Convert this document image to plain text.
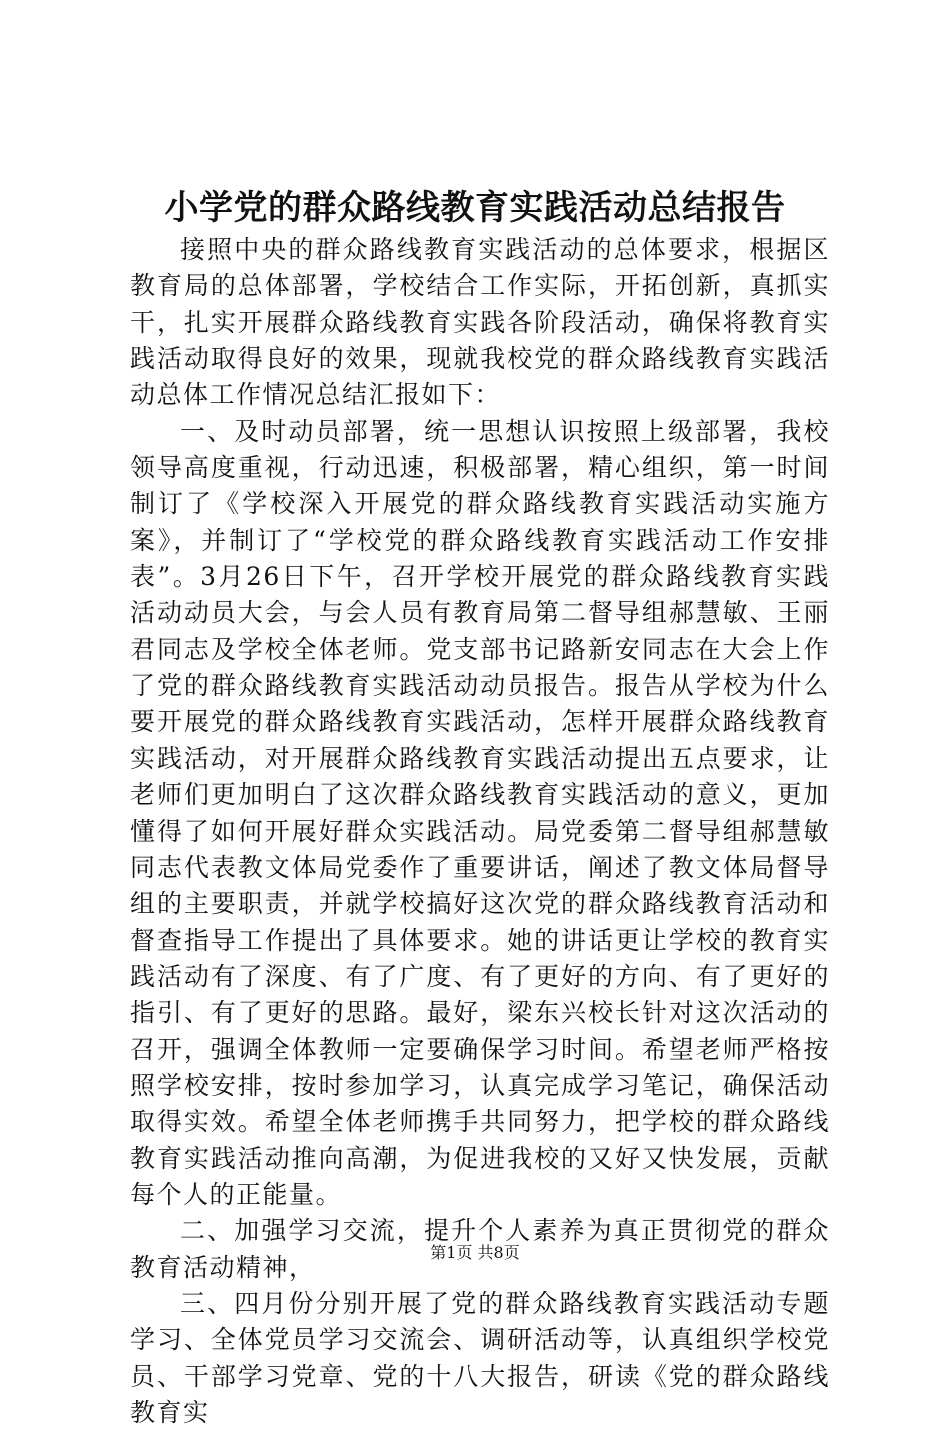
小学党的群众路线教育实践活动总结报告

接照中央的群众路线教育实践活动的总体要求，根据区教育局的总体部署，学校结合工作实际，开拓创新，真抓实干，扎实开展群众路线教育实践各阶段活动，确保将教育实践活动取得良好的效果，现就我校党的群众路线教育实践活动总体工作情况总结汇报如下：

一、及时动员部署，统一思想认识按照上级部署，我校领导高度重视，行动迅速，积极部署，精心组织，第一时间制订了《学校深入开展党的群众路线教育实践活动实施方案》，并制订了“学校党的群众路线教育实践活动工作安排表”。3月26日下午，召开学校开展党的群众路线教育实践活动动员大会，与会人员有教育局第二督导组郝慧敏、王丽君同志及学校全体老师。党支部书记路新安同志在大会上作了党的群众路线教育实践活动动员报告。报告从学校为什么要开展党的群众路线教育实践活动，怎样开展群众路线教育实践活动，对开展群众路线教育实践活动提出五点要求，让老师们更加明白了这次群众路线教育实践活动的意义，更加懂得了如何开展好群众实践活动。局党委第二督导组郝慧敏同志代表教文体局党委作了重要讲话，阐述了教文体局督导组的主要职责，并就学校搞好这次党的群众路线教育活动和督查指导工作提出了具体要求。她的讲话更让学校的教育实践活动有了深度、有了广度、有了更好的方向、有了更好的指引、有了更好的思路。最好，梁东兴校长针对这次活动的召开，强调全体教师一定要确保学习时间。希望老师严格按照学校安排，按时参加学习，认真完成学习笔记，确保活动取得实效。希望全体老师携手共同努力，把学校的群众路线教育实践活动推向高潮，为促进我校的又好又快发展，贡献每个人的正能量。

二、加强学习交流，提升个人素养为真正贯彻党的群众教育活动精神，

三、四月份分别开展了党的群众路线教育实践活动专题学习、全体党员学习交流会、调研活动等，认真组织学校党员、干部学习党章、党的十八大报告，研读《党的群众路线教育实

第1页 共8页
